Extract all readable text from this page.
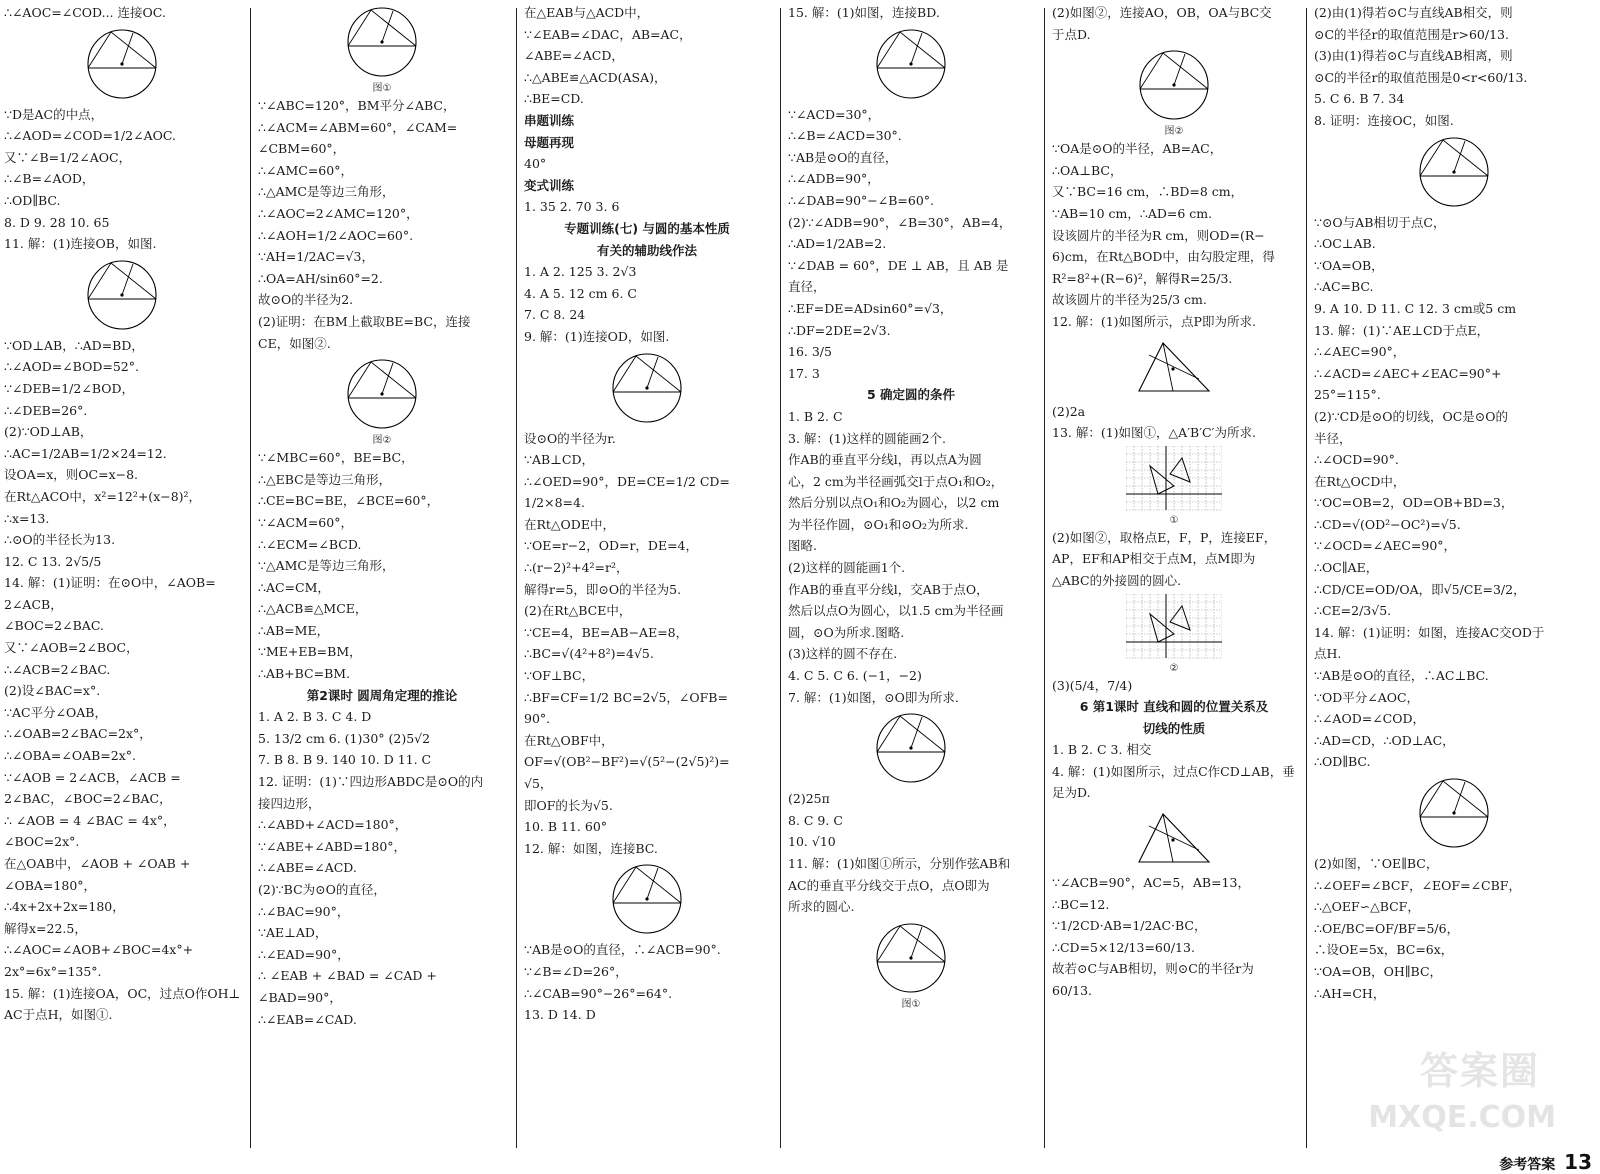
∴∠AOC=∠COD... 连接OC.
∵D是AC的中点，
∴∠AOD=∠COD=1/2∠AOC.
又∵∠B=1/2∠AOC，
∴∠B=∠AOD，
∴OD∥BC.
8. D 9. 28 10. 65
11. 解：(1)连接OB，如图.
∵OD⊥AB，∴AD=BD，
∴∠AOD=∠BOD=52°.
∵∠DEB=1/2∠BOD，
∴∠DEB=26°.
(2)∵OD⊥AB，
∴AC=1/2AB=1/2×24=12.
设OA=x，则OC=x−8.
在Rt△ACO中，x²=12²+(x−8)²，
∴x=13.
∴⊙O的半径长为13.
12. C 13. 2√5/5
14. 解：(1)证明：在⊙O中，∠AOB=
2∠ACB，
∠BOC=2∠BAC.
又∵∠AOB=2∠BOC，
∴∠ACB=2∠BAC.
(2)设∠BAC=x°.
∵AC平分∠OAB，
∴∠OAB=2∠BAC=2x°，
∴∠OBA=∠OAB=2x°.
∵∠AOB = 2∠ACB，∠ACB =
2∠BAC，∠BOC=2∠BAC，
∴ ∠AOB = 4 ∠BAC = 4x°，
∠BOC=2x°.
在△OAB中，∠AOB + ∠OAB +
∠OBA=180°，
∴4x+2x+2x=180，
解得x=22.5，
∴∠AOC=∠AOB+∠BOC=4x°+
2x°=6x°=135°.
15. 解：(1)连接OA，OC，过点O作OH⊥
AC于点H，如图①.
图①
∵∠ABC=120°，BM平分∠ABC，
∴∠ACM=∠ABM=60°，∠CAM=
∠CBM=60°，
∴∠AMC=60°，
∴△AMC是等边三角形，
∴∠AOC=2∠AMC=120°，
∴∠AOH=1/2∠AOC=60°.
∵AH=1/2AC=√3，
∴OA=AH/sin60°=2.
故⊙O的半径为2.
(2)证明：在BM上截取BE=BC，连接
CE，如图②.
图②
∵∠MBC=60°，BE=BC，
∴△EBC是等边三角形，
∴CE=BC=BE，∠BCE=60°，
∵∠ACM=60°，
∴∠ECM=∠BCD.
∵△AMC是等边三角形，
∴AC=CM，
∴△ACB≌△MCE，
∴AB=ME，
∵ME+EB=BM，
∴AB+BC=BM.
第2课时 圆周角定理的推论
1. A 2. B 3. C 4. D
5. 13/2 cm 6. (1)30° (2)5√2
7. B 8. B 9. 140 10. D 11. C
12. 证明：(1)∵四边形ABDC是⊙O的内
接四边形，
∴∠ABD+∠ACD=180°，
∵∠ABE+∠ABD=180°，
∴∠ABE=∠ACD.
(2)∵BC为⊙O的直径，
∴∠BAC=90°，
∵AE⊥AD，
∴∠EAD=90°，
∴ ∠EAB + ∠BAD = ∠CAD +
∠BAD=90°，
∴∠EAB=∠CAD.
在△EAB与△ACD中，
∵∠EAB=∠DAC，AB=AC，
∠ABE=∠ACD，
∴△ABE≌△ACD(ASA)，
∴BE=CD.
串题训练
母题再现
40°
变式训练
1. 35 2. 70 3. 6
专题训练(七) 与圆的基本性质
有关的辅助线作法
1. A 2. 125 3. 2√3
4. A 5. 12 cm 6. C
7. C 8. 24
9. 解：(1)连接OD，如图.
设⊙O的半径为r.
∵AB⊥CD，
∴∠OED=90°，DE=CE=1/2 CD=
1/2×8=4.
在Rt△ODE中，
∵OE=r−2，OD=r，DE=4，
∴(r−2)²+4²=r²，
解得r=5，即⊙O的半径为5.
(2)在Rt△BCE中，
∵CE=4，BE=AB−AE=8，
∴BC=√(4²+8²)=4√5.
∵OF⊥BC，
∴BF=CF=1/2 BC=2√5，∠OFB=
90°.
在Rt△OBF中，
OF=√(OB²−BF²)=√(5²−(2√5)²)=
√5，
即OF的长为√5.
10. B 11. 60°
12. 解：如图，连接BC.
∵AB是⊙O的直径，∴∠ACB=90°.
∵∠B=∠D=26°，
∴∠CAB=90°−26°=64°.
13. D 14. D
15. 解：(1)如图，连接BD.
∵∠ACD=30°，
∴∠B=∠ACD=30°.
∵AB是⊙O的直径，
∴∠ADB=90°，
∴∠DAB=90°−∠B=60°.
(2)∵∠ADB=90°，∠B=30°，AB=4，
∴AD=1/2AB=2.
∵∠DAB = 60°，DE ⊥ AB，且 AB 是
直径，
∴EF=DE=ADsin60°=√3，
∴DF=2DE=2√3.
16. 3/5
17. 3
5 确定圆的条件
1. B 2. C
3. 解：(1)这样的圆能画2个.
作AB的垂直平分线l，再以点A为圆
心，2 cm为半径画弧交l于点O₁和O₂，
然后分别以点O₁和O₂为圆心，以2 cm
为半径作圆，⊙O₁和⊙O₂为所求.
图略.
(2)这样的圆能画1个.
作AB的垂直平分线l，交AB于点O，
然后以点O为圆心，以1.5 cm为半径画
圆，⊙O为所求.图略.
(3)这样的圆不存在.
4. C 5. C 6. (−1，−2)
7. 解：(1)如图，⊙O即为所求.
(2)25π
8. C 9. C
10. √10
11. 解：(1)如图①所示，分别作弦AB和
AC的垂直平分线交于点O，点O即为
所求的圆心.
图①
(2)如图②，连接AO，OB，OA与BC交
于点D.
图②
∵OA是⊙O的半径，AB=AC，
∴OA⊥BC，
又∵BC=16 cm，∴BD=8 cm，
∵AB=10 cm，∴AD=6 cm.
设该圆片的半径为R cm，则OD=(R−
6)cm，在Rt△BOD中，由勾股定理，得
R²=8²+(R−6)²，解得R=25/3.
故该圆片的半径为25/3 cm.
12. 解：(1)如图所示，点P即为所求.
(2)2a
13. 解：(1)如图①，△A′B′C′为所求.
①
(2)如图②，取格点E，F，P，连接EF，
AP，EF和AP相交于点M，点M即为
△ABC的外接圆的圆心.
②
(3)(5/4，7/4)
6 第1课时 直线和圆的位置关系及
切线的性质
1. B 2. C 3. 相交
4. 解：(1)如图所示，过点C作CD⊥AB，垂
足为D.
∵∠ACB=90°，AC=5，AB=13，
∴BC=12.
∵1/2CD·AB=1/2AC·BC，
∴CD=5×12/13=60/13.
故若⊙C与AB相切，则⊙C的半径r为
60/13.
(2)由(1)得若⊙C与直线AB相交，则
⊙C的半径r的取值范围是r>60/13.
(3)由(1)得若⊙C与直线AB相离，则
⊙C的半径r的取值范围是0<r<60/13.
5. C 6. B 7. 34
8. 证明：连接OC，如图.
∵⊙O与AB相切于点C，
∴OC⊥AB.
∵OA=OB，
∴AC=BC.
9. A 10. D 11. C 12. 3 cm或5 cm
13. 解：(1)∵AE⊥CD于点E，
∴∠AEC=90°，
∴∠ACD=∠AEC+∠EAC=90°+
25°=115°.
(2)∵CD是⊙O的切线，OC是⊙O的
半径，
∴∠OCD=90°.
在Rt△OCD中，
∵OC=OB=2，OD=OB+BD=3，
∴CD=√(OD²−OC²)=√5.
∵∠OCD=∠AEC=90°，
∴OC∥AE，
∴CD/CE=OD/OA，即√5/CE=3/2，
∴CE=2/3√5.
14. 解：(1)证明：如图，连接AC交OD于
点H.
∵AB是⊙O的直径，∴AC⊥BC.
∵OD平分∠AOC，
∴∠AOD=∠COD，
∴AD=CD，∴OD⊥AC，
∴OD∥BC.
(2)如图，∵OE∥BC，
∴∠OEF=∠BCF，∠EOF=∠CBF，
∴△OEF∽△BCF，
∴OE/BC=OF/BF=5/6，
∴设OE=5x，BC=6x，
∵OA=OB，OH∥BC，
∴AH=CH，
答案圈
MXQE.COM
参考答案 13
